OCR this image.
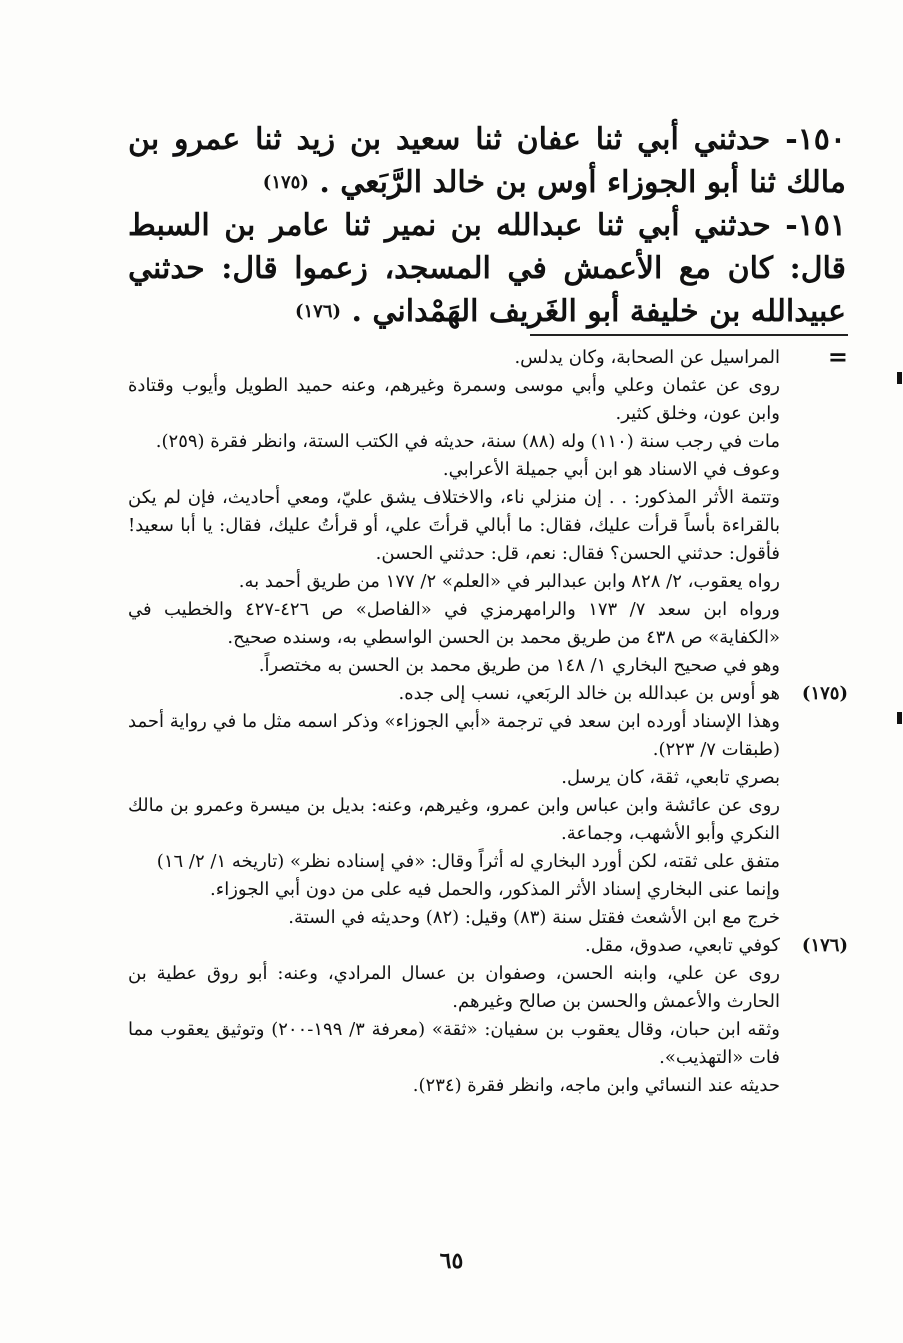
١٥٠- حدثني أبي ثنا عفان ثنا سعيد بن زيد ثنا عمرو بن مالك ثنا أبو الجوزاء أوس بن خالد الرَّبَعي . $^{(١٧٥)}$

١٥١- حدثني أبي ثنا عبدالله بن نمير ثنا عامر بن السبط قال: كان مع الأعمش في المسجد، زعموا قال: حدثني عبيدالله بن خليفة أبو الغَريف الهَمْداني . $^{(١٧٦)}$

=

المراسيل عن الصحابة، وكان يدلس.

روى عن عثمان وعلي وأبي موسى وسمرة وغيرهم، وعنه حميد الطويل وأيوب وقتادة وابن عون، وخلق كثير.

مات في رجب سنة (١١٠) وله (٨٨) سنة، حديثه في الكتب الستة، وانظر فقرة (٢٥٩).

وعوف في الاسناد هو ابن أبي جميلة الأعرابي.

وتتمة الأثر المذكور: . . إن منزلي ناء، والاختلاف يشق عليّ، ومعي أحاديث، فإن لم يكن بالقراءة بأساً قرأت عليك، فقال: ما أبالي قرأتَ علي، أو قرأتُ عليك، فقال: يا أبا سعيد! فأقول: حدثني الحسن؟ فقال: نعم، قل: حدثني الحسن.

رواه يعقوب، ٢/ ٨٢٨ وابن عبدالبر في «العلم» ٢/ ١٧٧ من طريق أحمد به.

ورواه ابن سعد ٧/ ١٧٣ والرامهرمزي في «الفاصل» ص ٤٢٦-٤٢٧ والخطيب في «الكفاية» ص ٤٣٨ من طريق محمد بن الحسن الواسطي به، وسنده صحيح.

وهو في صحيح البخاري ١/ ١٤٨ من طريق محمد بن الحسن به مختصراً.

(١٧٥)

هو أوس بن عبدالله بن خالد الربَعي، نسب إلى جده.

وهذا الإسناد أورده ابن سعد في ترجمة «أبي الجوزاء» وذكر اسمه مثل ما في رواية أحمد (طبقات ٧/ ٢٢٣).

بصري تابعي، ثقة، كان يرسل.

روى عن عائشة وابن عباس وابن عمرو، وغيرهم، وعنه: بديل بن ميسرة وعمرو بن مالك النكري وأبو الأشهب، وجماعة.

متفق على ثقته، لكن أورد البخاري له أثراً وقال: «في إسناده نظر» (تاريخه ١/ ٢/ ١٦)

وإنما عنى البخاري إسناد الأثر المذكور، والحمل فيه على من دون أبي الجوزاء.

خرج مع ابن الأشعث فقتل سنة (٨٣) وقيل: (٨٢) وحديثه في الستة.

(١٧٦)

كوفي تابعي، صدوق، مقل.

روى عن علي، وابنه الحسن، وصفوان بن عسال المرادي، وعنه: أبو روق عطية بن الحارث والأعمش والحسن بن صالح وغيرهم.

وثقه ابن حبان، وقال يعقوب بن سفيان: «ثقة» (معرفة ٣/ ١٩٩-٢٠٠) وتوثيق يعقوب مما فات «التهذيب».

حديثه عند النسائي وابن ماجه، وانظر فقرة (٢٣٤).

٦٥
